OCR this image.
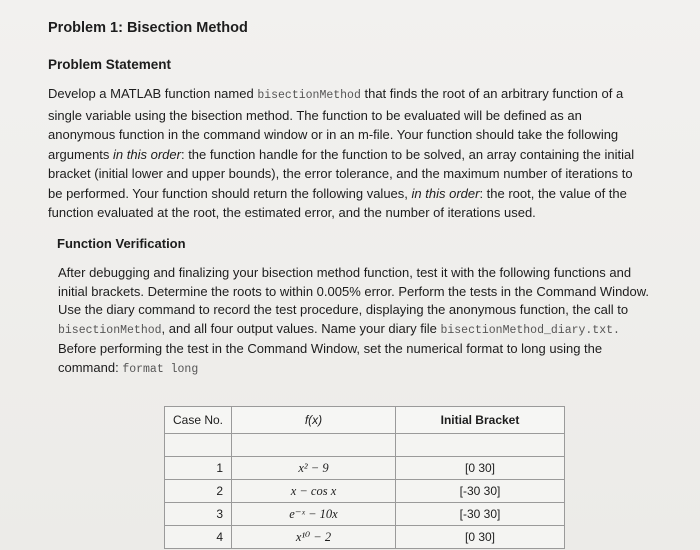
Problem 1: Bisection Method
Problem Statement
Develop a MATLAB function named bisectionMethod that finds the root of an arbitrary function of a
single variable using the bisection method. The function to be evaluated will be defined as an
anonymous function in the command window or in an m-file. Your function should take the following
arguments in this order: the function handle for the function to be solved, an array containing the initial
bracket (initial lower and upper bounds), the error tolerance, and the maximum number of iterations to
be performed. Your function should return the following values, in this order: the root, the value of the
function evaluated at the root, the estimated error, and the number of iterations used.
Function Verification
After debugging and finalizing your bisection method function, test it with the following functions and
initial brackets. Determine the roots to within 0.005% error. Perform the tests in the Command Window.
Use the diary command to record the test procedure, displaying the anonymous function, the call to
bisectionMethod, and all four output values. Name your diary file bisectionMethod_diary.txt.
Before performing the test in the Command Window, set the numerical format to long using the
command: format long
Case No.	f(x)	Initial Bracket

1	x² − 9	[0 30]
2	x − cos x	[-30 30]
3	e⁻ˣ − 10x	[-30 30]
4	x¹⁰ − 2	[0 30]
